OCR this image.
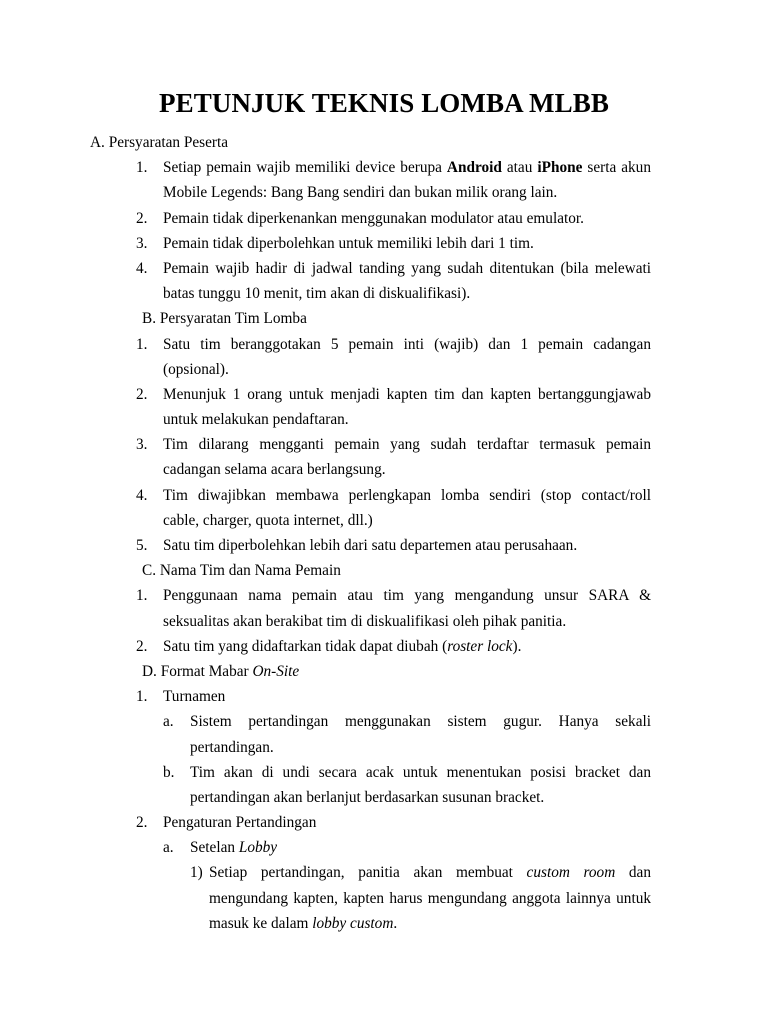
PETUNJUK TEKNIS LOMBA MLBB
A. Persyaratan Peserta
1. Setiap pemain wajib memiliki device berupa Android atau iPhone serta akun
Mobile Legends: Bang Bang sendiri dan bukan milik orang lain.
2. Pemain tidak diperkenankan menggunakan modulator atau emulator.
3. Pemain tidak diperbolehkan untuk memiliki lebih dari 1 tim.
4. Pemain wajib hadir di jadwal tanding yang sudah ditentukan (bila melewati
batas tunggu 10 menit, tim akan di diskualifikasi).
B. Persyaratan Tim Lomba
1. Satu tim beranggotakan 5 pemain inti (wajib) dan 1 pemain cadangan
(opsional).
2. Menunjuk 1 orang untuk menjadi kapten tim dan kapten bertanggungjawab
untuk melakukan pendaftaran.
3. Tim dilarang mengganti pemain yang sudah terdaftar termasuk pemain
cadangan selama acara berlangsung.
4. Tim diwajibkan membawa perlengkapan lomba sendiri (stop contact/roll
cable, charger, quota internet, dll.)
5. Satu tim diperbolehkan lebih dari satu departemen atau perusahaan.
C. Nama Tim dan Nama Pemain
1. Penggunaan nama pemain atau tim yang mengandung unsur SARA &
seksualitas akan berakibat tim di diskualifikasi oleh pihak panitia.
2. Satu tim yang didaftarkan tidak dapat diubah (roster lock).
D. Format Mabar On-Site
1. Turnamen
a. Sistem pertandingan menggunakan sistem gugur. Hanya sekali
pertandingan.
b. Tim akan di undi secara acak untuk menentukan posisi bracket dan
pertandingan akan berlanjut berdasarkan susunan bracket.
2. Pengaturan Pertandingan
a. Setelan Lobby
1) Setiap pertandingan, panitia akan membuat custom room dan
mengundang kapten, kapten harus mengundang anggota lainnya untuk
masuk ke dalam lobby custom.
